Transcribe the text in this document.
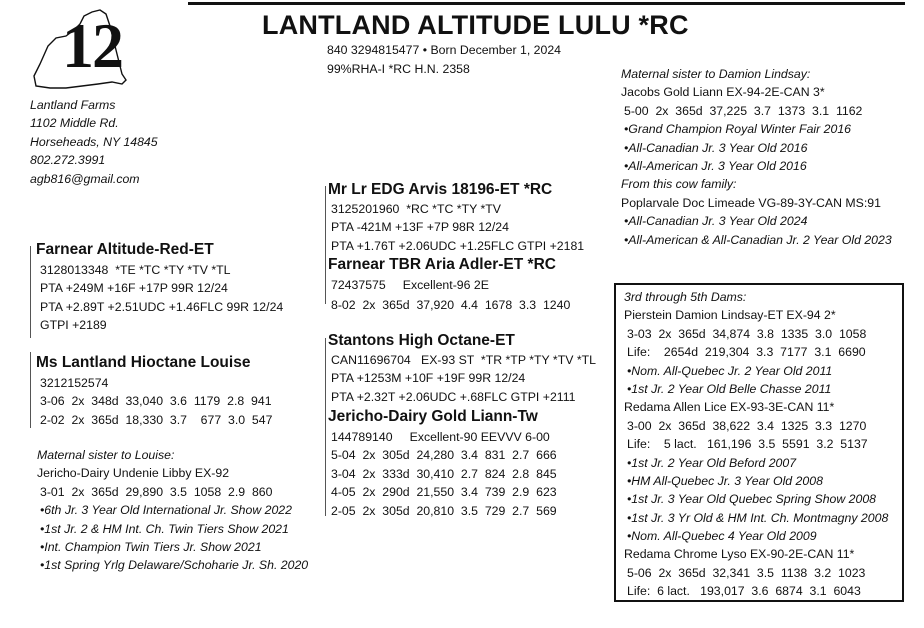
12	LANTLAND ALTITUDE LULU *RC
840 3294815477 • Born December 1, 2024
99%RHA-I *RC H.N. 2358
Lantland Farms
1102 Middle Rd.
Horseheads, NY 14845
802.272.3991
agb816@gmail.com
Farnear Altitude-Red-ET
3128013348  *TE *TC *TY *TV *TL
PTA +249M +16F +17P 99R 12/24
PTA +2.89T +2.51UDC +1.46FLC 99R 12/24
GTPI +2189
Ms Lantland Hioctane Louise
3212152574
3-06  2x  348d  33,040  3.6  1179  2.8  941
2-02  2x  365d  18,330  3.7    677  3.0  547
Maternal sister to Louise:
Jericho-Dairy Undenie Libby EX-92
3-01  2x  365d  29,890  3.5  1058  2.9  860
•6th Jr. 3 Year Old International Jr. Show 2022
•1st Jr. 2 & HM Int. Ch. Twin Tiers Show 2021
•Int. Champion Twin Tiers Jr. Show 2021
•1st Spring Yrlg Delaware/Schoharie Jr. Sh. 2020
Mr Lr EDG Arvis 18196-ET *RC
3125201960  *RC *TC *TY *TV
PTA -421M +13F +7P 98R 12/24
PTA +1.76T +2.06UDC +1.25FLC GTPI +2181
Farnear TBR Aria Adler-ET *RC
72437575     Excellent-96 2E
8-02  2x  365d  37,920  4.4  1678  3.3  1240
Stantons High Octane-ET
CAN11696704   EX-93 ST  *TR *TP *TY *TV *TL
PTA +1253M +10F +19F 99R 12/24
PTA +2.32T +2.06UDC +.68FLC GTPI +2111
Jericho-Dairy Gold Liann-Tw
144789140     Excellent-90 EEVVV 6-00
5-04  2x  305d  24,280  3.4  831  2.7  666
3-04  2x  333d  30,410  2.7  824  2.8  845
4-05  2x  290d  21,550  3.4  739  2.9  623
2-05  2x  305d  20,810  3.5  729  2.7  569
Maternal sister to Damion Lindsay:
Jacobs Gold Liann EX-94-2E-CAN 3*
5-00  2x  365d  37,225  3.7  1373  3.1  1162
•Grand Champion Royal Winter Fair 2016
•All-Canadian Jr. 3 Year Old 2016
•All-American Jr. 3 Year Old 2016
From this cow family:
Poplarvale Doc Limeade VG-89-3Y-CAN MS:91
•All-Canadian Jr. 3 Year Old 2024
•All-American & All-Canadian Jr. 2 Year Old 2023
3rd through 5th Dams:
Pierstein Damion Lindsay-ET EX-94 2*
3-03  2x  365d  34,874  3.8  1335  3.0  1058
Life:    2654d  219,304  3.3  7177  3.1  6690
•Nom. All-Quebec Jr. 2 Year Old 2011
•1st Jr. 2 Year Old Belle Chasse 2011
Redama Allen Lice EX-93-3E-CAN 11*
3-00  2x  365d  38,622  3.4  1325  3.3  1270
Life:    5 lact.   161,196  3.5  5591  3.2  5137
•1st Jr. 2 Year Old Beford 2007
•HM All-Quebec Jr. 3 Year Old 2008
•1st Jr. 3 Year Old Quebec Spring Show 2008
•1st Jr. 3 Yr Old & HM Int. Ch. Montmagny 2008
•Nom. All-Quebec 4 Year Old 2009
Redama Chrome Lyso EX-90-2E-CAN 11*
5-06  2x  365d  32,341  3.5  1138  3.2  1023
Life:  6 lact.   193,017  3.6  6874  3.1  6043
